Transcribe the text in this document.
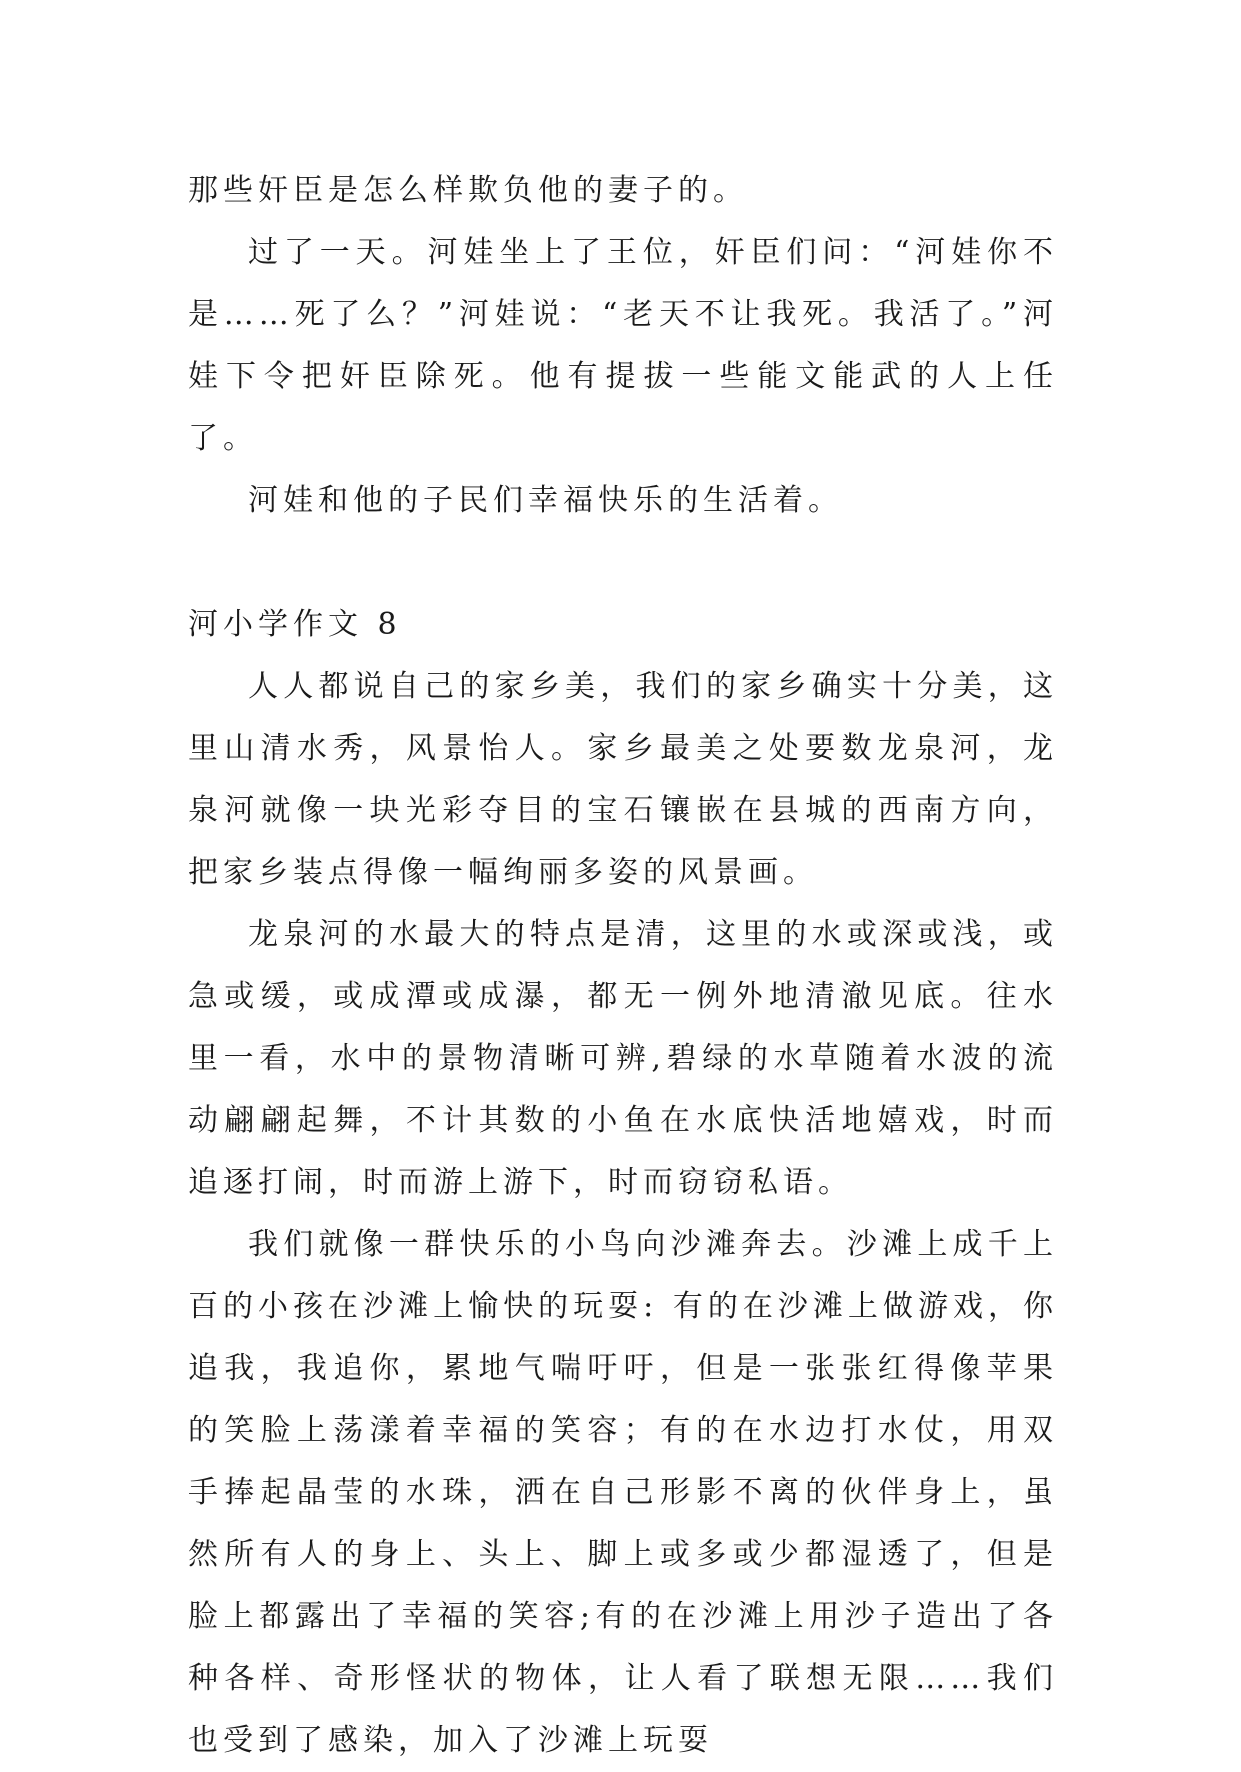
那些奸臣是怎么样欺负他的妻子的。

过了一天。河娃坐上了王位，奸臣们问：“河娃你不是……死了么？”河娃说：“老天不让我死。我活了。”河娃下令把奸臣除死。他有提拔一些能文能武的人上任了。

河娃和他的子民们幸福快乐的生活着。

河小学作文 8

人人都说自己的家乡美，我们的家乡确实十分美，这里山清水秀，风景怡人。家乡最美之处要数龙泉河，龙泉河就像一块光彩夺目的宝石镶嵌在县城的西南方向，把家乡装点得像一幅绚丽多姿的风景画。

龙泉河的水最大的特点是清，这里的水或深或浅，或急或缓，或成潭或成瀑，都无一例外地清澈见底。往水里一看，水中的景物清晰可辨,碧绿的水草随着水波的流动翩翩起舞，不计其数的小鱼在水底快活地嬉戏，时而追逐打闹，时而游上游下，时而窃窃私语。

我们就像一群快乐的小鸟向沙滩奔去。沙滩上成千上百的小孩在沙滩上愉快的玩耍: 有的在沙滩上做游戏，你追我，我追你，累地气喘吁吁，但是一张张红得像苹果的笑脸上荡漾着幸福的笑容；有的在水边打水仗，用双手捧起晶莹的水珠，洒在自己形影不离的伙伴身上，虽然所有人的身上、头上、脚上或多或少都湿透了，但是脸上都露出了幸福的笑容;有的在沙滩上用沙子造出了各种各样、奇形怪状的物体，让人看了联想无限……我们也受到了感染，加入了沙滩上玩耍
